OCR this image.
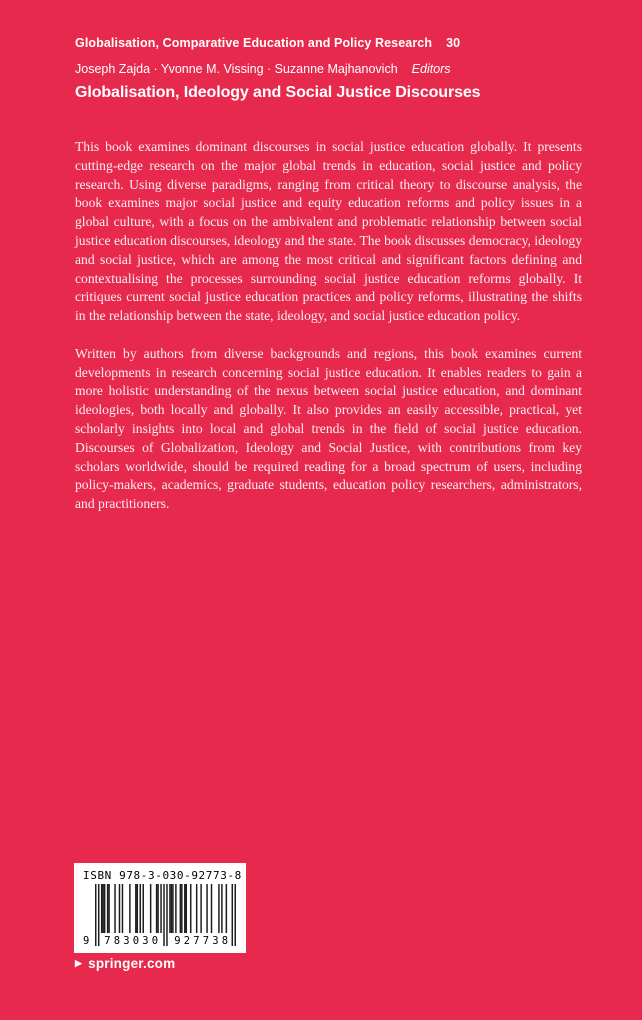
Globalisation, Comparative Education and Policy Research 30
Joseph Zajda · Yvonne M. Vissing · Suzanne Majhanovich Editors
Globalisation, Ideology and Social Justice Discourses

This book examines dominant discourses in social justice education globally. It presents cutting-edge research on the major global trends in education, social justice and policy research. Using diverse paradigms, ranging from critical theory to discourse analysis, the book examines major social justice and equity education reforms and policy issues in a global culture, with a focus on the ambivalent and problematic relationship between social justice education discourses, ideology and the state. The book discusses democracy, ideology and social justice, which are among the most critical and significant factors defining and contextualising the processes surrounding social justice education reforms globally. It critiques current social justice education practices and policy reforms, illustrating the shifts in the relationship between the state, ideology, and social justice education policy.

Written by authors from diverse backgrounds and regions, this book examines current developments in research concerning social justice education. It enables readers to gain a more holistic understanding of the nexus between social justice education, and dominant ideologies, both locally and globally. It also provides an easily accessible, practical, yet scholarly insights into local and global trends in the field of social justice education. Discourses of Globalization, Ideology and Social Justice, with contributions from key scholars worldwide, should be required reading for a broad spectrum of users, including policy-makers, academics, graduate students, education policy researchers, administrators, and practitioners.

ISBN 978-3-030-92773-8
9	783030	927738
▶ springer.com
